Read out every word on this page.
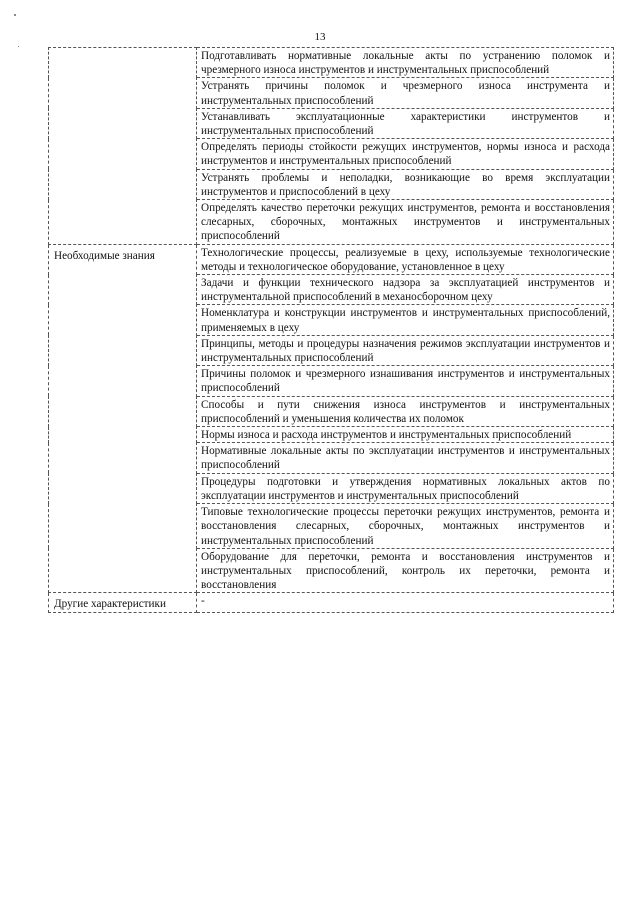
13
	Подготавливать нормативные локальные акты по устранению поломок и чрезмерного износа инструментов и инструментальных приспособлений
	Устранять причины поломок и чрезмерного износа инструмента и инструментальных приспособлений
	Устанавливать эксплуатационные характеристики инструментов и инструментальных приспособлений
	Определять периоды стойкости режущих инструментов, нормы износа и расхода инструментов и инструментальных приспособлений
	Устранять проблемы и неполадки, возникающие во время эксплуатации инструментов и приспособлений в цеху
	Определять качество переточки режущих инструментов, ремонта и восстановления слесарных, сборочных, монтажных инструментов и инструментальных приспособлений
Необходимые знания	Технологические процессы, реализуемые в цеху, используемые технологические методы и технологическое оборудование, установленное в цеху
	Задачи и функции технического надзора за эксплуатацией инструментов и инструментальной приспособлений в механосборочном цеху
	Номенклатура и конструкции инструментов и инструментальных приспособлений, применяемых в цеху
	Принципы, методы и процедуры назначения режимов эксплуатации инструментов и инструментальных приспособлений
	Причины поломок и чрезмерного изнашивания инструментов и инструментальных приспособлений
	Способы и пути снижения износа инструментов и инструментальных приспособлений и уменьшения количества их поломок
	Нормы износа и расхода инструментов и инструментальных приспособлений
	Нормативные локальные акты по эксплуатации инструментов и инструментальных приспособлений
	Процедуры подготовки и утверждения нормативных локальных актов по эксплуатации инструментов и инструментальных приспособлений
	Типовые технологические процессы переточки режущих инструментов, ремонта и восстановления слесарных, сборочных, монтажных инструментов и инструментальных приспособлений
	Оборудование для переточки, ремонта и восстановления инструментов и инструментальных приспособлений, контроль их переточки, ремонта и восстановления
Другие характеристики	-
